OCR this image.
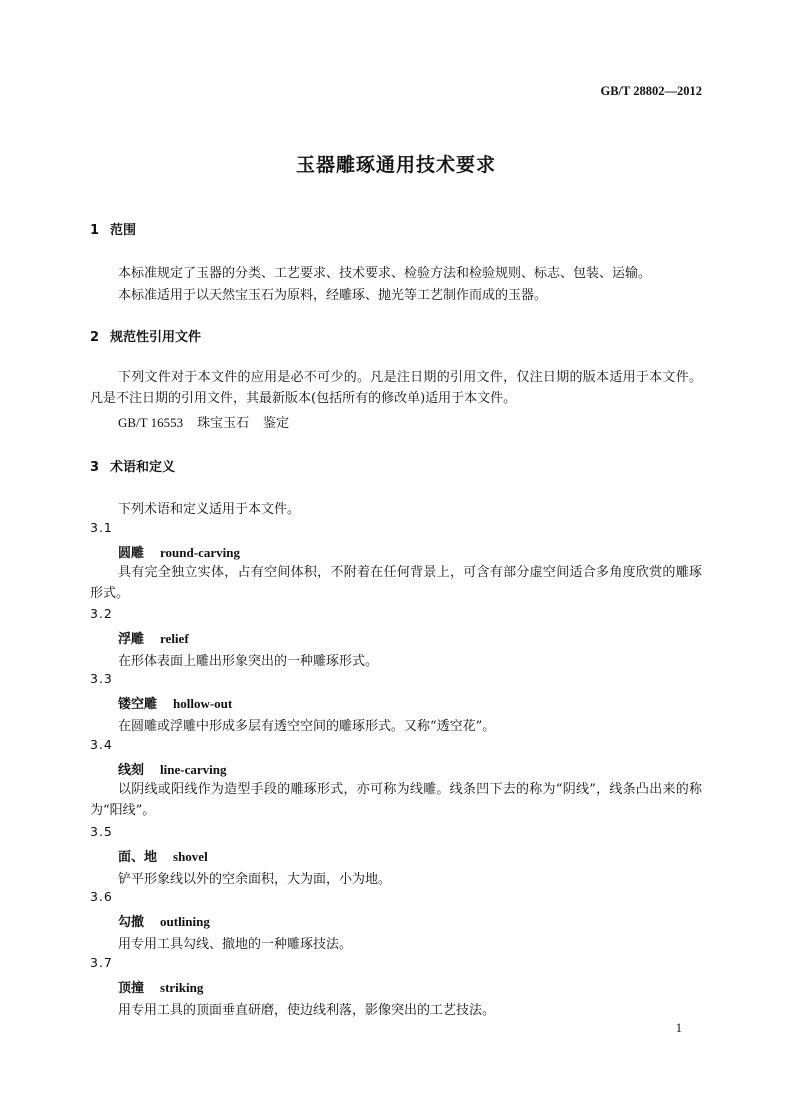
GB/T 28802—2012
玉器雕琢通用技术要求
1 范围
本标准规定了玉器的分类、工艺要求、技术要求、检验方法和检验规则、标志、包装、运输。
本标准适用于以天然宝玉石为原料，经雕琢、抛光等工艺制作而成的玉器。
2 规范性引用文件
下列文件对于本文件的应用是必不可少的。凡是注日期的引用文件，仅注日期的版本适用于本文件。凡是不注日期的引用文件，其最新版本(包括所有的修改单)适用于本文件。
GB/T 16553 珠宝玉石 鉴定
3 术语和定义
下列术语和定义适用于本文件。
3.1
圆雕 round-carving
具有完全独立实体，占有空间体积，不附着在任何背景上，可含有部分虚空间适合多角度欣赏的雕琢形式。
3.2
浮雕 relief
在形体表面上雕出形象突出的一种雕琢形式。
3.3
镂空雕 hollow-out
在圆雕或浮雕中形成多层有透空空间的雕琢形式。又称“透空花”。
3.4
线刻 line-carving
以阴线或阳线作为造型手段的雕琢形式，亦可称为线雕。线条凹下去的称为“阴线”，线条凸出来的称为“阳线”。
3.5
面、地 shovel
铲平形象线以外的空余面积，大为面，小为地。
3.6
勾撤 outlining
用专用工具勾线、撤地的一种雕琢技法。
3.7
顶撞 striking
用专用工具的顶面垂直研磨，使边线利落，影像突出的工艺技法。
1
